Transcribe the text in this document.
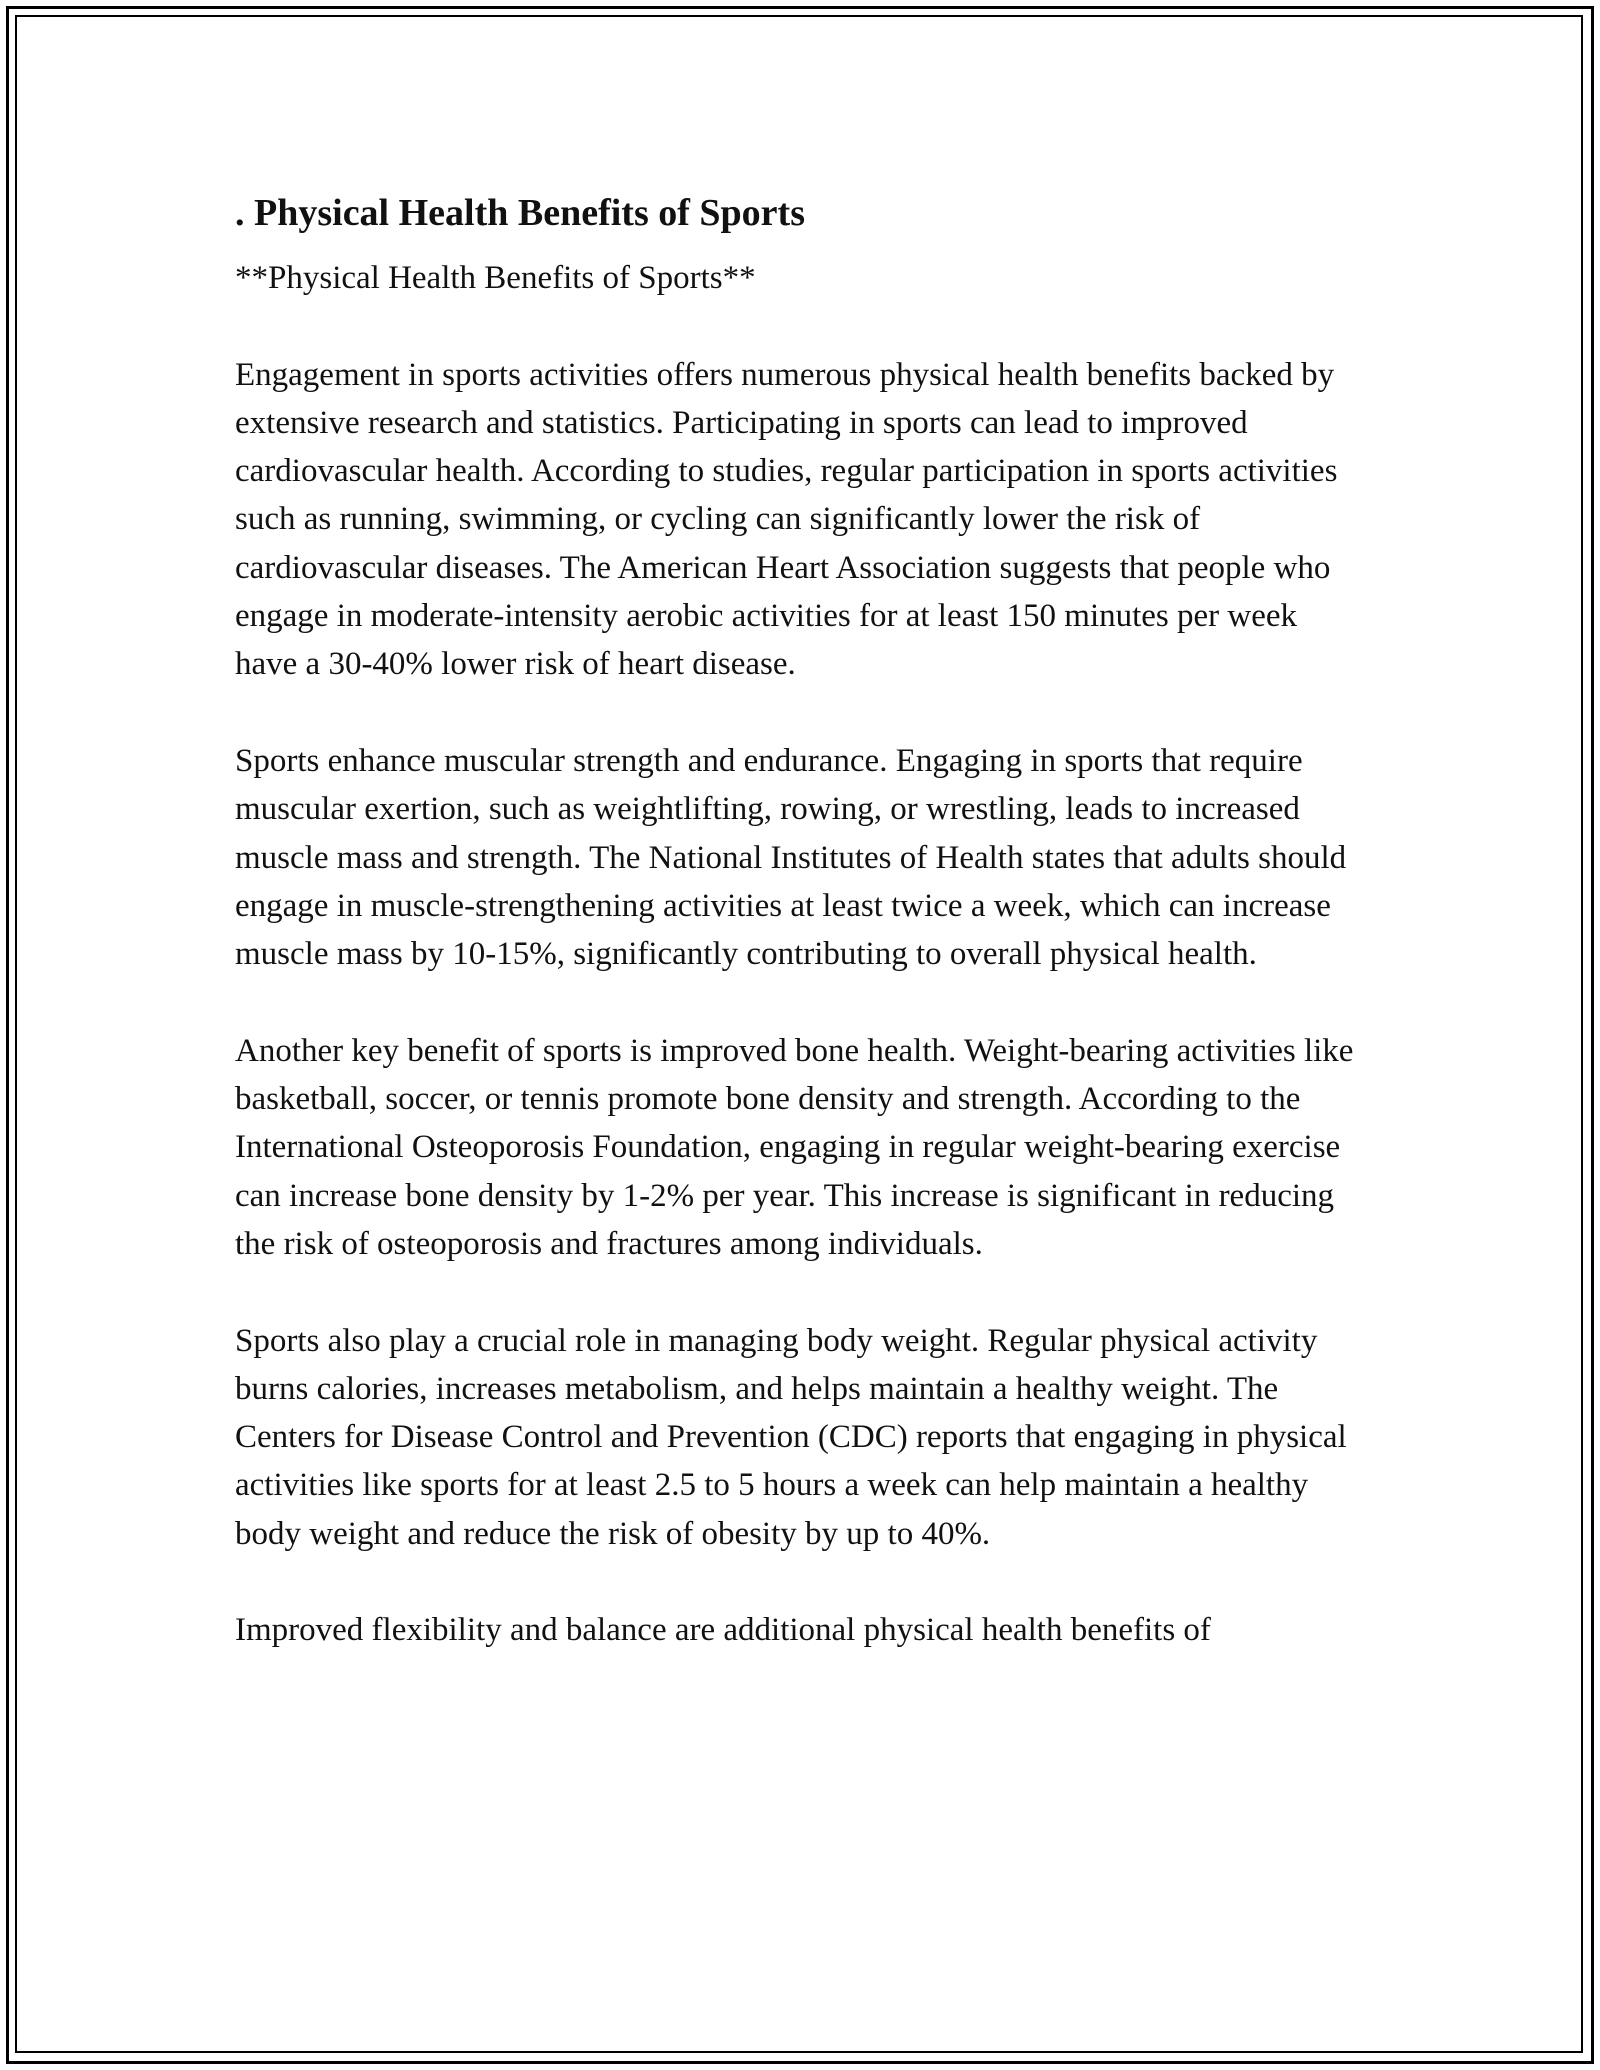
. Physical Health Benefits of Sports

**Physical Health Benefits of Sports**

Engagement in sports activities offers numerous physical health benefits backed by extensive research and statistics. Participating in sports can lead to improved cardiovascular health. According to studies, regular participation in sports activities such as running, swimming, or cycling can significantly lower the risk of cardiovascular diseases. The American Heart Association suggests that people who engage in moderate-intensity aerobic activities for at least 150 minutes per week have a 30-40% lower risk of heart disease.

Sports enhance muscular strength and endurance. Engaging in sports that require muscular exertion, such as weightlifting, rowing, or wrestling, leads to increased muscle mass and strength. The National Institutes of Health states that adults should engage in muscle-strengthening activities at least twice a week, which can increase muscle mass by 10-15%, significantly contributing to overall physical health.

Another key benefit of sports is improved bone health. Weight-bearing activities like basketball, soccer, or tennis promote bone density and strength. According to the International Osteoporosis Foundation, engaging in regular weight-bearing exercise can increase bone density by 1-2% per year. This increase is significant in reducing the risk of osteoporosis and fractures among individuals.

Sports also play a crucial role in managing body weight. Regular physical activity burns calories, increases metabolism, and helps maintain a healthy weight. The Centers for Disease Control and Prevention (CDC) reports that engaging in physical activities like sports for at least 2.5 to 5 hours a week can help maintain a healthy body weight and reduce the risk of obesity by up to 40%.

Improved flexibility and balance are additional physical health benefits of
